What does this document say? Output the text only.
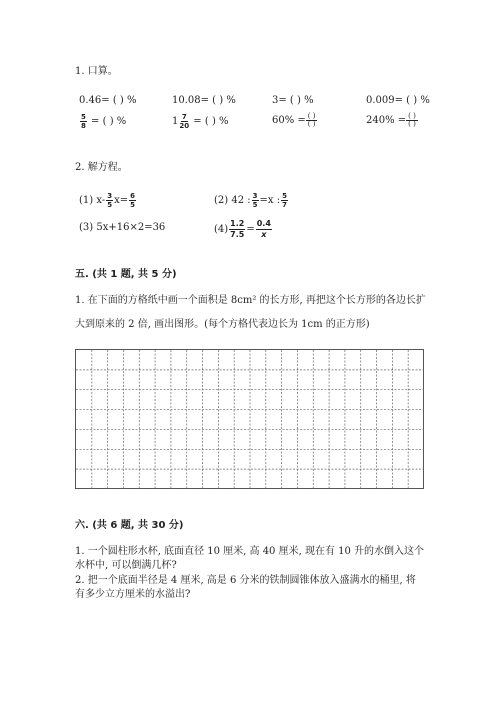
1. 口算。
0.46= ( ) %	10.08= ( ) %	3= ( ) %	0.009= ( ) %
$\frac{5}{8}$ = ( ) %	$1 \frac{7}{20}$ = ( ) %	$60\% = \frac{( )}{( )}$	$240\% = \frac{( )}{( )}$
2. 解方程。
(1) $x- \frac{3}{5} x= \frac{6}{5}$	(2) 42 : $\frac{3}{5} =x$ : $\frac{5}{7}$
(3) 5x+16×2=36	$(4) \frac{1.2}{7.5} = \frac{0.4}{x}$
五. (共 1 题, 共 5 分)
1. 在下面的方格纸中画一个面积是 8cm² 的长方形, 再把这个长方形的各边长扩
大到原来的 2 倍, 画出图形。(每个方格代表边长为 1cm 的正方形)
六. (共 6 题, 共 30 分)
1. 一个圆柱形水杯, 底面直径 10 厘米, 高 40 厘米, 现在有 10 升的水倒入这个
水杯中, 可以倒满几杯?
2. 把一个底面半径是 4 厘米, 高是 6 分米的铁制圆锥体放入盛满水的桶里, 将
有多少立方厘米的水溢出?
